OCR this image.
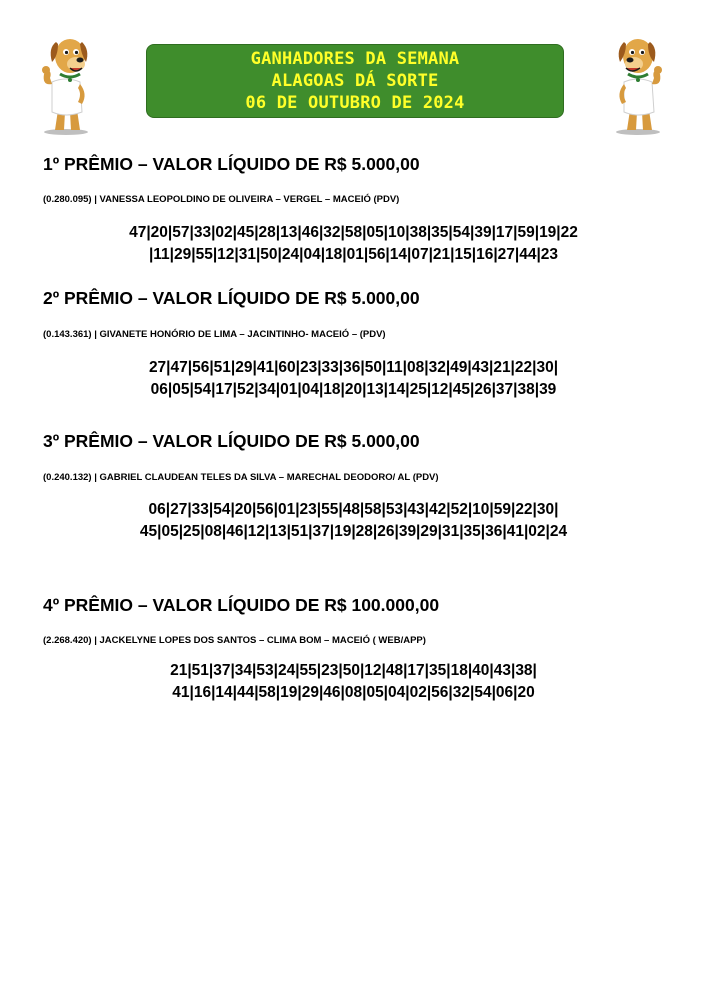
GANHADORES DA SEMANA
ALAGOAS DÁ SORTE
06 DE OUTUBRO DE 2024
1º PRÊMIO – VALOR LÍQUIDO DE R$ 5.000,00
(0.280.095) | VANESSA LEOPOLDINO DE OLIVEIRA – VERGEL – MACEIÓ (PDV)
47|20|57|33|02|45|28|13|46|32|58|05|10|38|35|54|39|17|59|19|22
|11|29|55|12|31|50|24|04|18|01|56|14|07|21|15|16|27|44|23
2º PRÊMIO – VALOR LÍQUIDO DE R$ 5.000,00
(0.143.361) | GIVANETE HONÓRIO DE LIMA – JACINTINHO- MACEIÓ – (PDV)
27|47|56|51|29|41|60|23|33|36|50|11|08|32|49|43|21|22|30|
06|05|54|17|52|34|01|04|18|20|13|14|25|12|45|26|37|38|39
3º PRÊMIO – VALOR LÍQUIDO DE R$ 5.000,00
(0.240.132) | GABRIEL CLAUDEAN TELES DA SILVA – MARECHAL DEODORO/ AL (PDV)
06|27|33|54|20|56|01|23|55|48|58|53|43|42|52|10|59|22|30|
45|05|25|08|46|12|13|51|37|19|28|26|39|29|31|35|36|41|02|24
4º PRÊMIO – VALOR LÍQUIDO DE R$ 100.000,00
(2.268.420) | JACKELYNE LOPES DOS SANTOS – CLIMA BOM – MACEIÓ ( WEB/APP)
21|51|37|34|53|24|55|23|50|12|48|17|35|18|40|43|38|
41|16|14|44|58|19|29|46|08|05|04|02|56|32|54|06|20
